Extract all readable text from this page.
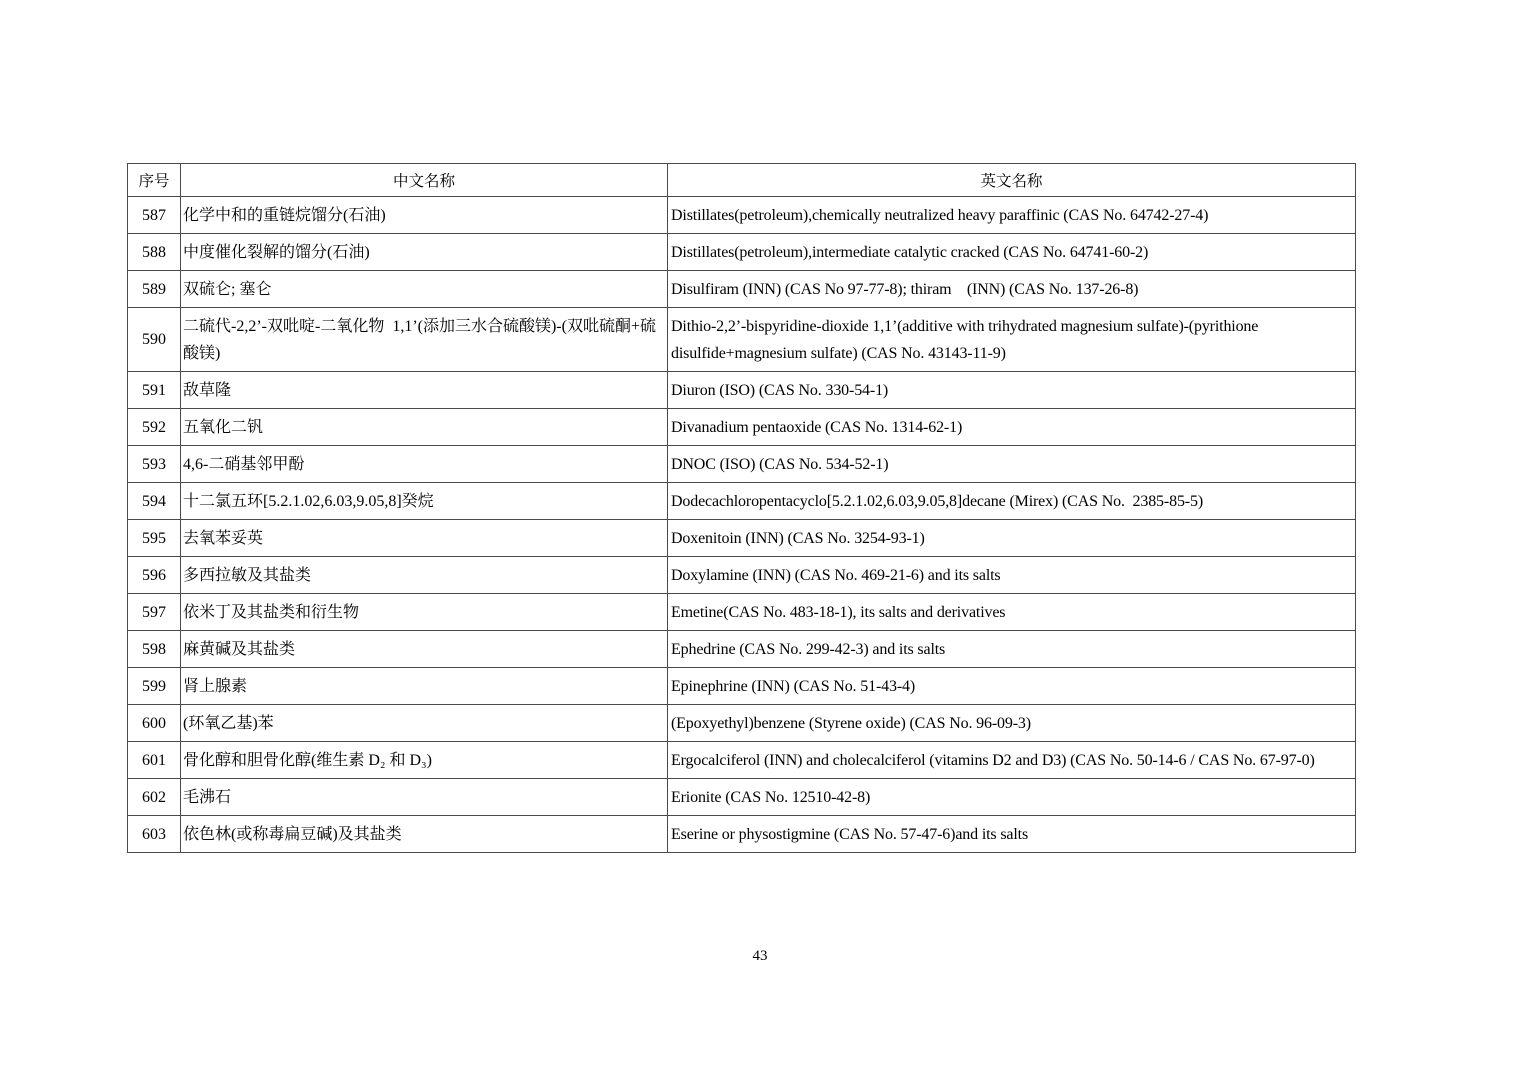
序号	中文名称	英文名称
587	化学中和的重链烷馏分(石油)	Distillates(petroleum),chemically neutralized heavy paraffinic (CAS No. 64742-27-4)
588	中度催化裂解的馏分(石油)	Distillates(petroleum),intermediate catalytic cracked (CAS No. 64741-60-2)
589	双硫仑; 塞仑	Disulfiram (INN) (CAS No 97-77-8); thiram    (INN) (CAS No. 137-26-8)
590	二硫代-2,2’-双吡啶-二氧化物  1,1’(添加三水合硫酸镁)-(双吡硫酮+硫酸镁)	Dithio-2,2’-bispyridine-dioxide 1,1’(additive with trihydrated magnesium sulfate)-(pyrithione disulfide+magnesium sulfate) (CAS No. 43143-11-9)
591	敌草隆	Diuron (ISO) (CAS No. 330-54-1)
592	五氧化二钒	Divanadium pentaoxide (CAS No. 1314-62-1)
593	4,6-二硝基邻甲酚	DNOC (ISO) (CAS No. 534-52-1)
594	十二氯五环[5.2.1.02,6.03,9.05,8]癸烷	Dodecachloropentacyclo[5.2.1.02,6.03,9.05,8]decane (Mirex) (CAS No.  2385-85-5)
595	去氧苯妥英	Doxenitoin (INN) (CAS No. 3254-93-1)
596	多西拉敏及其盐类	Doxylamine (INN) (CAS No. 469-21-6) and its salts
597	依米丁及其盐类和衍生物	Emetine(CAS No. 483-18-1), its salts and derivatives
598	麻黄碱及其盐类	Ephedrine (CAS No. 299-42-3) and its salts
599	肾上腺素	Epinephrine (INN) (CAS No. 51-43-4)
600	(环氧乙基)苯	(Epoxyethyl)benzene (Styrene oxide) (CAS No. 96-09-3)
601	骨化醇和胆骨化醇(维生素 D₂ 和 D₃)	Ergocalciferol (INN) and cholecalciferol (vitamins D2 and D3) (CAS No. 50-14-6 / CAS No. 67-97-0)
602	毛沸石	Erionite (CAS No. 12510-42-8)
603	依色林(或称毒扁豆碱)及其盐类	Eserine or physostigmine (CAS No. 57-47-6)and its salts
43
